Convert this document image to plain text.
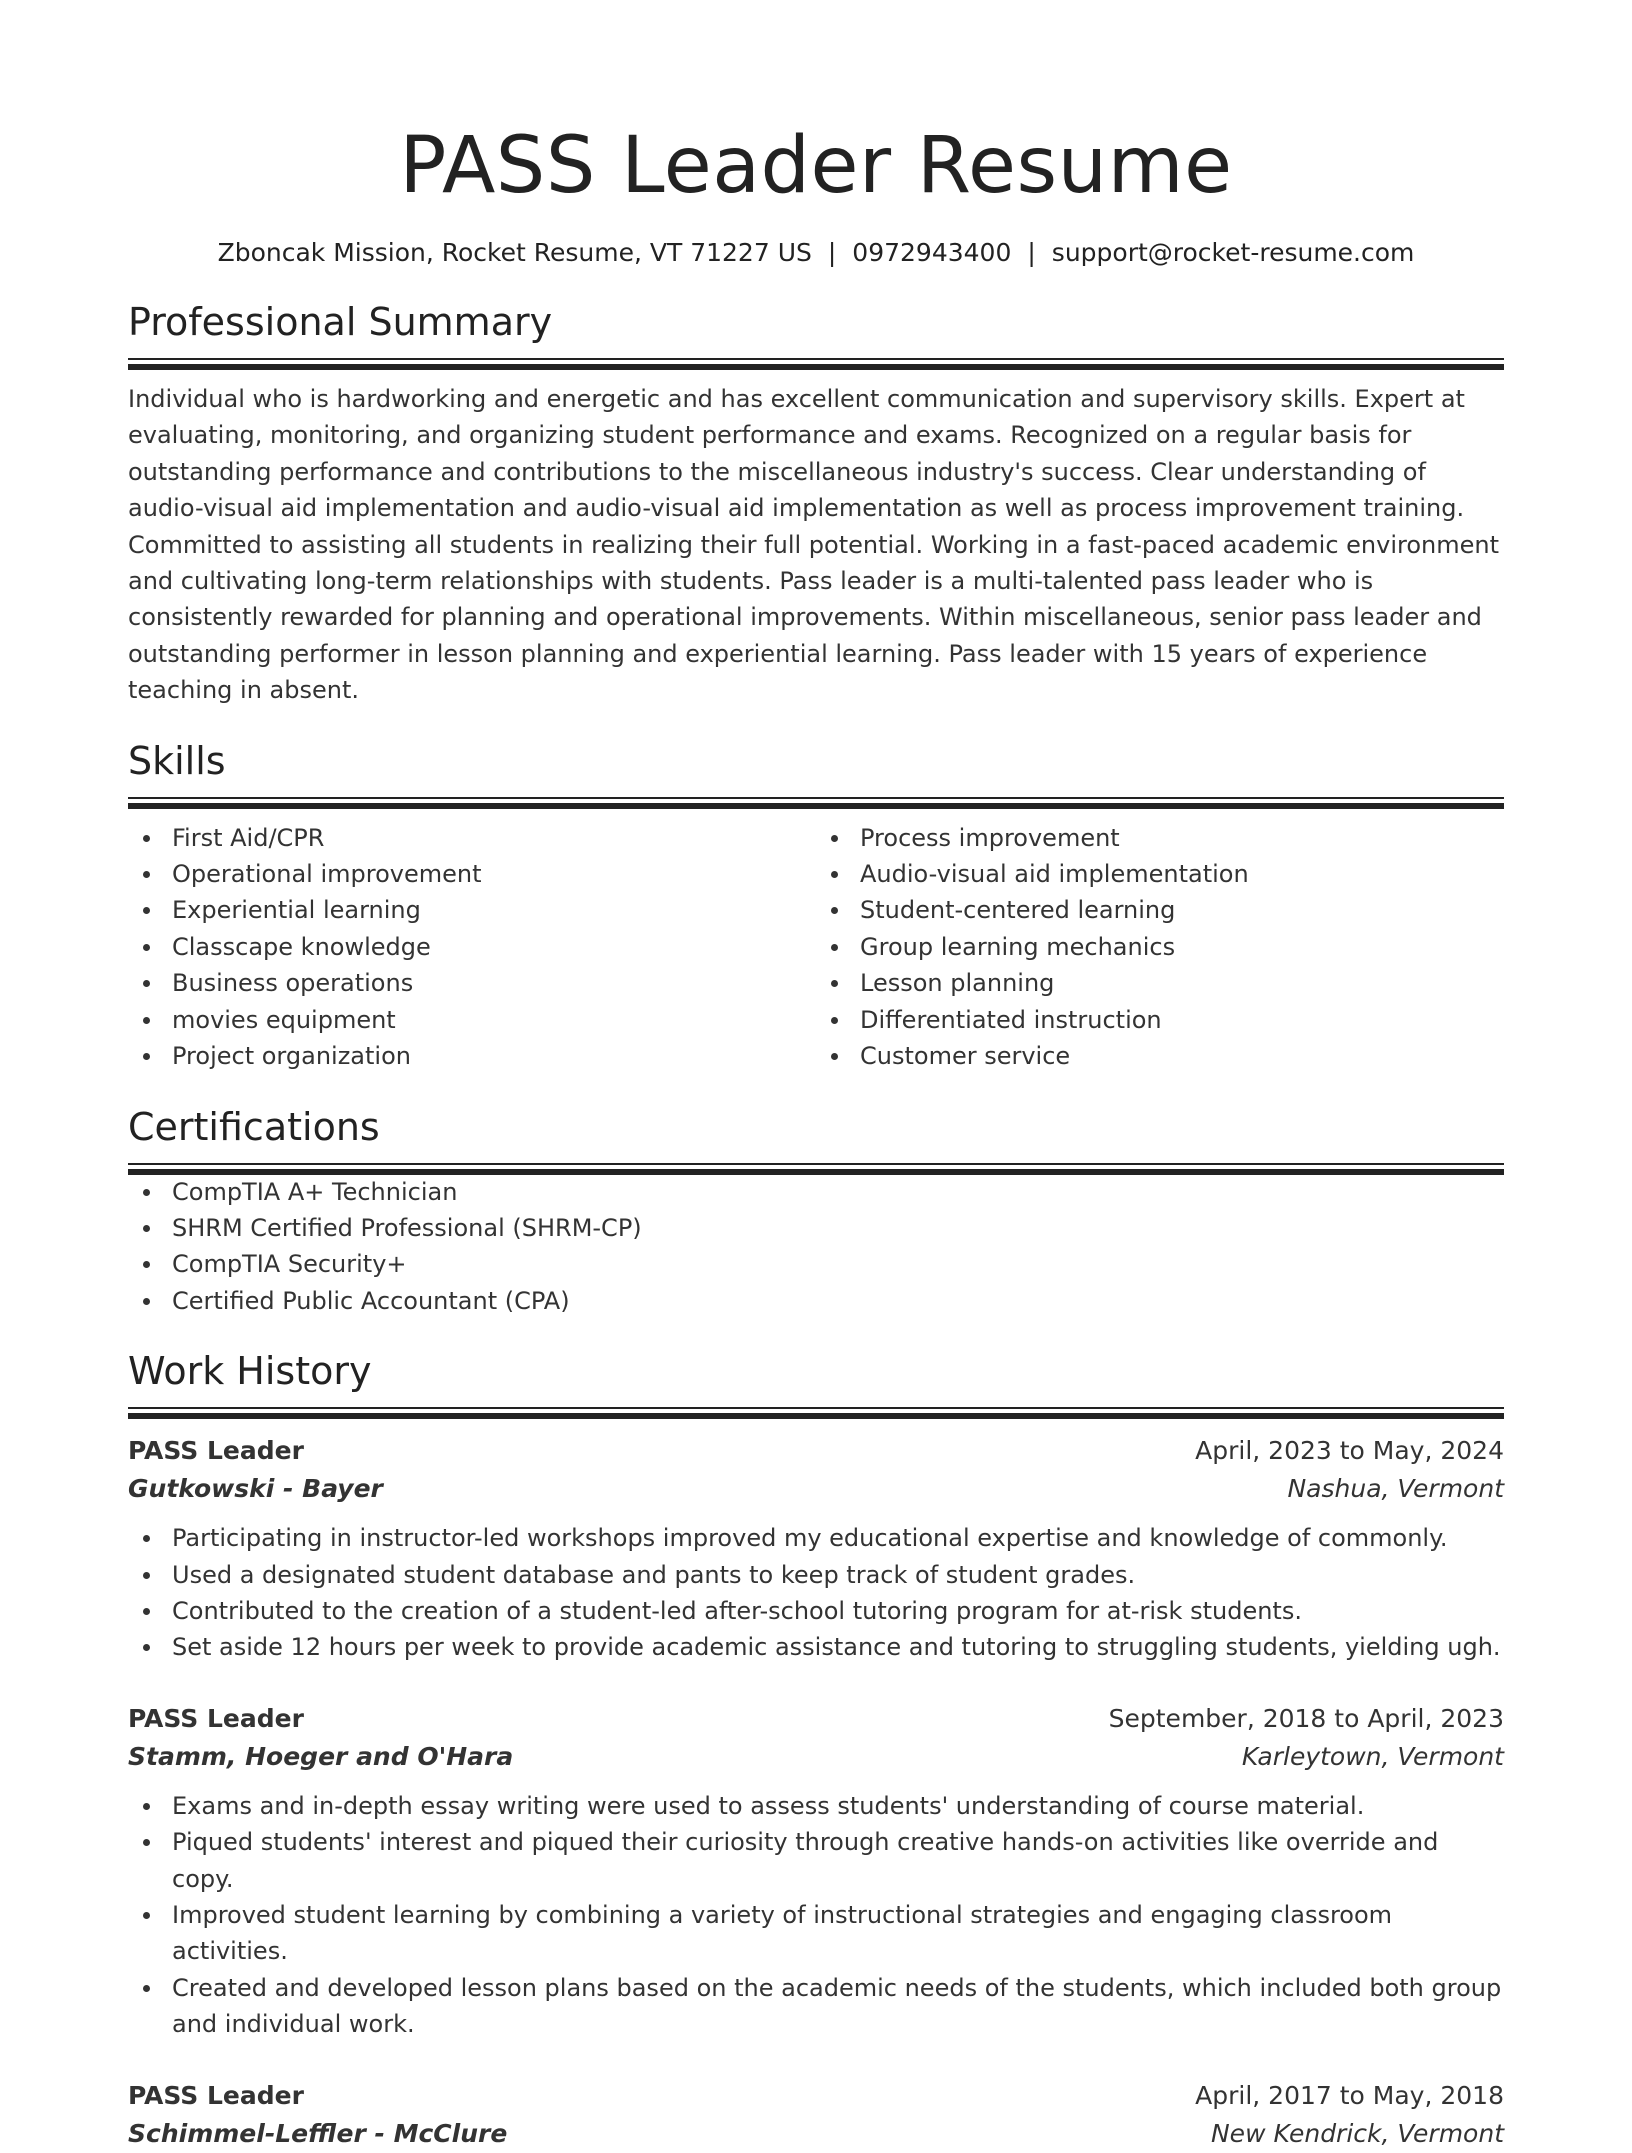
PASS Leader Resume
Zboncak Mission, Rocket Resume, VT 71227 US | 0972943400 | support@rocket-resume.com
Professional Summary
Individual who is hardworking and energetic and has excellent communication and supervisory skills. Expert at evaluating, monitoring, and organizing student performance and exams. Recognized on a regular basis for outstanding performance and contributions to the miscellaneous industry's success. Clear understanding of audio-visual aid implementation and audio-visual aid implementation as well as process improvement training. Committed to assisting all students in realizing their full potential. Working in a fast-paced academic environment and cultivating long-term relationships with students. Pass leader is a multi-talented pass leader who is consistently rewarded for planning and operational improvements. Within miscellaneous, senior pass leader and outstanding performer in lesson planning and experiential learning. Pass leader with 15 years of experience teaching in absent.
Skills
First Aid/CPR
Operational improvement
Experiential learning
Classcape knowledge
Business operations
movies equipment
Project organization
Process improvement
Audio-visual aid implementation
Student-centered learning
Group learning mechanics
Lesson planning
Differentiated instruction
Customer service
Certifications
CompTIA A+ Technician
SHRM Certified Professional (SHRM-CP)
CompTIA Security+
Certified Public Accountant (CPA)
Work History
PASS Leader	April, 2023 to May, 2024
Gutkowski - Bayer	Nashua, Vermont
Participating in instructor-led workshops improved my educational expertise and knowledge of commonly.
Used a designated student database and pants to keep track of student grades.
Contributed to the creation of a student-led after-school tutoring program for at-risk students.
Set aside 12 hours per week to provide academic assistance and tutoring to struggling students, yielding ugh.
PASS Leader	September, 2018 to April, 2023
Stamm, Hoeger and O'Hara	Karleytown, Vermont
Exams and in-depth essay writing were used to assess students' understanding of course material.
Piqued students' interest and piqued their curiosity through creative hands-on activities like override and copy.
Improved student learning by combining a variety of instructional strategies and engaging classroom activities.
Created and developed lesson plans based on the academic needs of the students, which included both group and individual work.
PASS Leader	April, 2017 to May, 2018
Schimmel-Leffler - McClure	New Kendrick, Vermont
